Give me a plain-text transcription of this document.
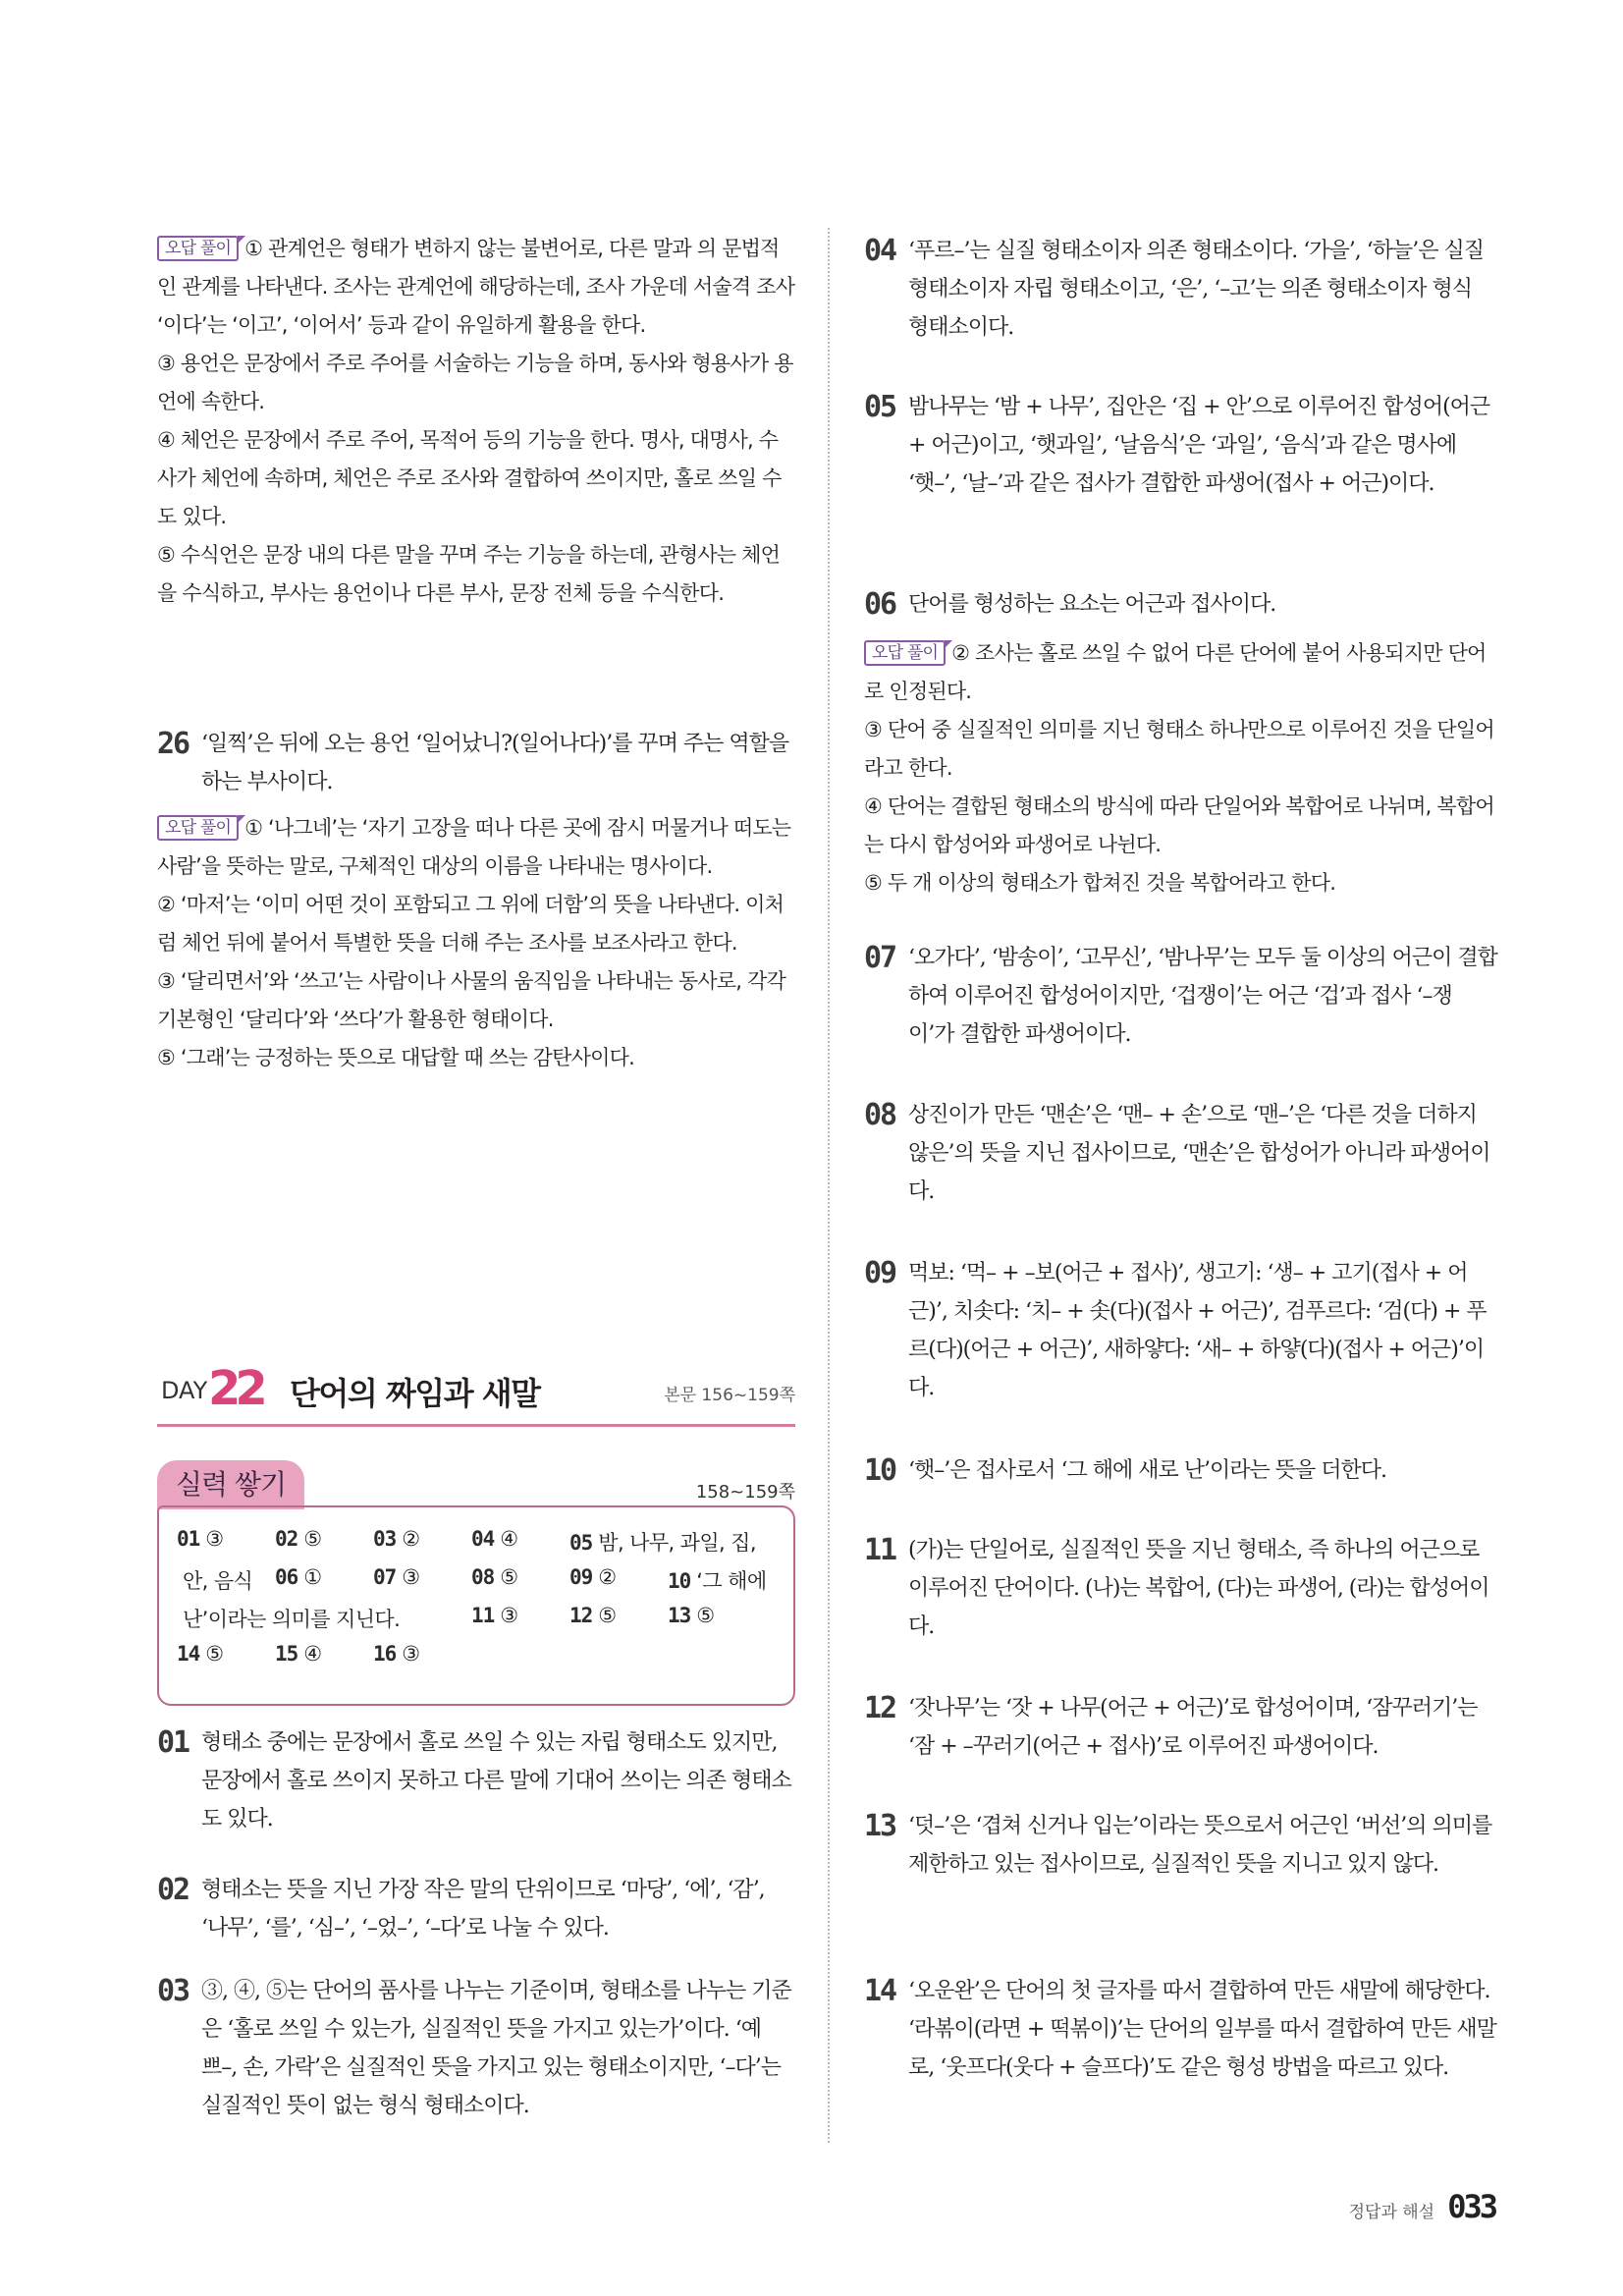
오답 풀이 ① 관계언은 형태가 변하지 않는 불변어로, 다른 말과 의 문법적인 관계를 나타낸다. 조사는 관계언에 해당하는데, 조사 가운데 서술격 조사 ‘이다’는 ‘이고’, ‘이어서’ 등과 같이 유일하게 활용을 한다.

③ 용언은 문장에서 주로 주어를 서술하는 기능을 하며, 동사와 형용사가 용언에 속한다.

④ 체언은 문장에서 주로 주어, 목적어 등의 기능을 한다. 명사, 대명사, 수사가 체언에 속하며, 체언은 주로 조사와 결합하여 쓰이지만, 홀로 쓰일 수도 있다.

⑤ 수식언은 문장 내의 다른 말을 꾸며 주는 기능을 하는데, 관형사는 체언을 수식하고, 부사는 용언이나 다른 부사, 문장 전체 등을 수식한다.

26 ‘일찍’은 뒤에 오는 용언 ‘일어났니?(일어나다)’를 꾸며 주는 역할을 하는 부사이다.

오답 풀이 ① ‘나그네’는 ‘자기 고장을 떠나 다른 곳에 잠시 머물거나 떠도는 사람’을 뜻하는 말로, 구체적인 대상의 이름을 나타내는 명사이다.

② ‘마저’는 ‘이미 어떤 것이 포함되고 그 위에 더함’의 뜻을 나타낸다. 이처럼 체언 뒤에 붙어서 특별한 뜻을 더해 주는 조사를 보조사라고 한다.

③ ‘달리면서’와 ‘쓰고’는 사람이나 사물의 움직임을 나타내는 동사로, 각각 기본형인 ‘달리다’와 ‘쓰다’가 활용한 형태이다.

⑤ ‘그래’는 긍정하는 뜻으로 대답할 때 쓰는 감탄사이다.

DAY 22 단어의 짜임과 새말	본문 156~159쪽
실력 쌓기	158~159쪽
01 ③ 02 ⑤ 03 ② 04 ④ 05 밤, 나무, 과일, 집,
안, 음식 06 ① 07 ③ 08 ⑤ 09 ② 10 ‘그 해에
난’이라는 의미를 지닌다.	11 ③ 12 ⑤ 13 ⑤
14 ⑤ 15 ④ 16 ③
01 형태소 중에는 문장에서 홀로 쓰일 수 있는 자립 형태소도 있지만, 문장에서 홀로 쓰이지 못하고 다른 말에 기대어 쓰이는 의존 형태소도 있다.
02 형태소는 뜻을 지닌 가장 작은 말의 단위이므로 ‘마당’, ‘에’, ‘감’, ‘나무’, ‘를’, ‘심–’, ‘–었–’, ‘–다’로 나눌 수 있다.
03 ③, ④, ⑤는 단어의 품사를 나누는 기준이며, 형태소를 나누는 기준은 ‘홀로 쓰일 수 있는가, 실질적인 뜻을 가지고 있는가’이다. ‘예쁘–, 손, 가락’은 실질적인 뜻을 가지고 있는 형태소이지만, ‘–다’는 실질적인 뜻이 없는 형식 형태소이다.
04 ‘푸르–’는 실질 형태소이자 의존 형태소이다. ‘가을’, ‘하늘’은 실질 형태소이자 자립 형태소이고, ‘은’, ‘–고’는 의존 형태소이자 형식 형태소이다.
05 밤나무는 ‘밤 + 나무’, 집안은 ‘집 + 안’으로 이루어진 합성어(어근 + 어근)이고, ‘햇과일’, ‘날음식’은 ‘과일’, ‘음식’과 같은 명사에 ‘햇–’, ‘날–’과 같은 접사가 결합한 파생어(접사 + 어근)이다.
06 단어를 형성하는 요소는 어근과 접사이다.

오답 풀이 ② 조사는 홀로 쓰일 수 없어 다른 단어에 붙어 사용되지만 단어로 인정된다.

③ 단어 중 실질적인 의미를 지닌 형태소 하나만으로 이루어진 것을 단일어라고 한다.

④ 단어는 결합된 형태소의 방식에 따라 단일어와 복합어로 나뉘며, 복합어는 다시 합성어와 파생어로 나뉜다.

⑤ 두 개 이상의 형태소가 합쳐진 것을 복합어라고 한다.

07 ‘오가다’, ‘밤송이’, ‘고무신’, ‘밤나무’는 모두 둘 이상의 어근이 결합하여 이루어진 합성어이지만, ‘겁쟁이’는 어근 ‘겁’과 접사 ‘–쟁이’가 결합한 파생어이다.
08 상진이가 만든 ‘맨손’은 ‘맨– + 손’으로 ‘맨–’은 ‘다른 것을 더하지 않은’의 뜻을 지닌 접사이므로, ‘맨손’은 합성어가 아니라 파생어이다.
09 먹보: ‘먹– + –보(어근 + 접사)’, 생고기: ‘생– + 고기(접사 + 어근)’, 치솟다: ‘치– + 솟(다)(접사 + 어근)’, 검푸르다: ‘검(다) + 푸르(다)(어근 + 어근)’, 새하얗다: ‘새– + 하얗(다)(접사 + 어근)’이다.
10 ‘햇–’은 접사로서 ‘그 해에 새로 난’이라는 뜻을 더한다.
11 (가)는 단일어로, 실질적인 뜻을 지닌 형태소, 즉 하나의 어근으로 이루어진 단어이다. (나)는 복합어, (다)는 파생어, (라)는 합성어이다.
12 ‘잣나무’는 ‘잣 + 나무(어근 + 어근)’로 합성어이며, ‘잠꾸러기’는 ‘잠 + –꾸러기(어근 + 접사)’로 이루어진 파생어이다.
13 ‘덧–’은 ‘겹쳐 신거나 입는’이라는 뜻으로서 어근인 ‘버선’의 의미를 제한하고 있는 접사이므로, 실질적인 뜻을 지니고 있지 않다.
14 ‘오운완’은 단어의 첫 글자를 따서 결합하여 만든 새말에 해당한다. ‘라볶이(라면 + 떡볶이)’는 단어의 일부를 따서 결합하여 만든 새말로, ‘웃프다(웃다 + 슬프다)’도 같은 형성 방법을 따르고 있다.
정답과 해설 033
